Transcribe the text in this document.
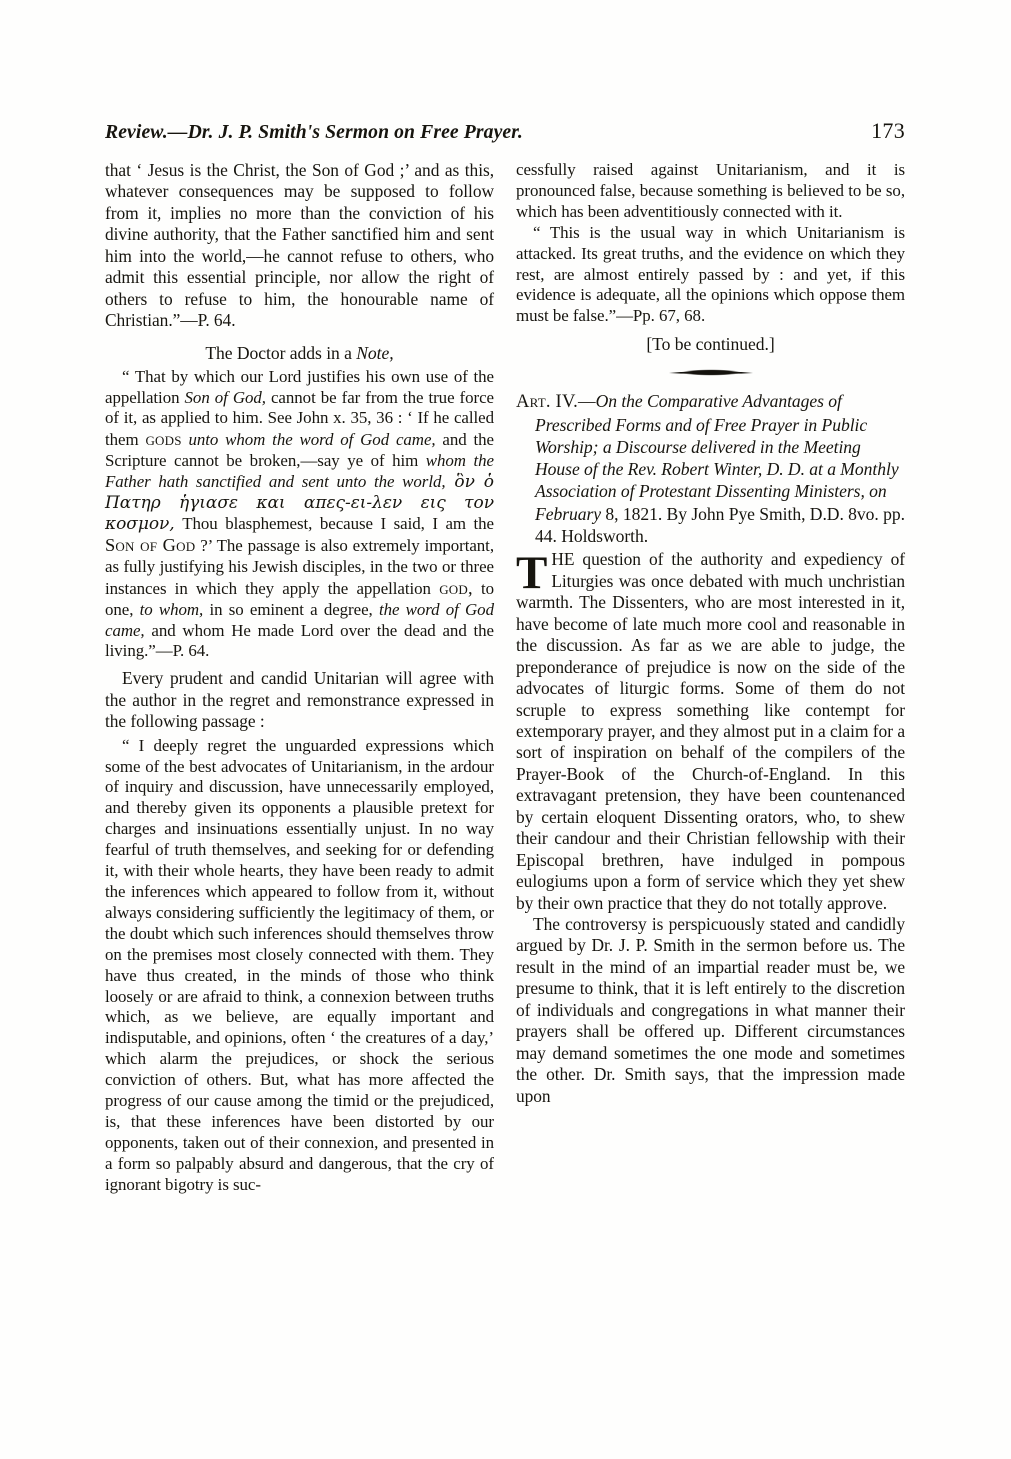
Review.—Dr. J. P. Smith's Sermon on Free Prayer.	173

that ‘ Jesus is the Christ, the Son of God ;’ and as this, whatever consequences may be supposed to follow from it, implies no more than the conviction of his divine authority, that the Father sanctified him and sent him into the world,—he cannot refuse to others, who admit this essential principle, nor allow the right of others to refuse to him, the honourable name of Christian.”—P. 64.

The Doctor adds in a Note,

“ That by which our Lord justifies his own use of the appellation Son of God, cannot be far from the true force of it, as applied to him. See John x. 35, 36 : ‘ If he called them gods unto whom the word of God came, and the Scripture cannot be broken,—say ye of him whom the Father hath sanctified and sent unto the world, ὃν ὁ Πατηρ ἡγιασε και απες-ει-λεν εις τον κοσμον, Thou blasphemest, because I said, I am the Son of God ?’ The passage is also extremely important, as fully justifying his Jewish disciples, in the two or three instances in which they apply the appellation god, to one, to whom, in so eminent a degree, the word of God came, and whom He made Lord over the dead and the living.”—P. 64.

Every prudent and candid Unitarian will agree with the author in the regret and remonstrance expressed in the following passage :

“ I deeply regret the unguarded expressions which some of the best advocates of Unitarianism, in the ardour of inquiry and discussion, have unnecessarily employed, and thereby given its opponents a plausible pretext for charges and insinuations essentially unjust. In no way fearful of truth themselves, and seeking for or defending it, with their whole hearts, they have been ready to admit the inferences which appeared to follow from it, without always considering sufficiently the legitimacy of them, or the doubt which such inferences should themselves throw on the premises most closely connected with them. They have thus created, in the minds of those who think loosely or are afraid to think, a connexion between truths which, as we believe, are equally important and indisputable, and opinions, often ‘ the creatures of a day,’ which alarm the prejudices, or shock the serious conviction of others. But, what has more affected the progress of our cause among the timid or the prejudiced, is, that these inferences have been distorted by our opponents, taken out of their connexion, and presented in a form so palpably absurd and dangerous, that the cry of ignorant bigotry is suc-

cessfully raised against Unitarianism, and it is pronounced false, because something is believed to be so, which has been adventitiously connected with it.

“ This is the usual way in which Unitarianism is attacked. Its great truths, and the evidence on which they rest, are almost entirely passed by : and yet, if this evidence is adequate, all the opinions which oppose them must be false.”—Pp. 67, 68.

[To be continued.]

Art. IV.—On the Comparative Advantages of Prescribed Forms and of Free Prayer in Public Worship; a Discourse delivered in the Meeting House of the Rev. Robert Winter, D. D. at a Monthly Association of Protestant Dissenting Ministers, on February 8, 1821. By John Pye Smith, D.D. 8vo. pp. 44. Holdsworth.

THE question of the authority and expediency of Liturgies was once debated with much unchristian warmth. The Dissenters, who are most interested in it, have become of late much more cool and reasonable in the discussion. As far as we are able to judge, the preponderance of prejudice is now on the side of the advocates of liturgic forms. Some of them do not scruple to express something like contempt for extemporary prayer, and they almost put in a claim for a sort of inspiration on behalf of the compilers of the Prayer-Book of the Church-of-England. In this extravagant pretension, they have been countenanced by certain eloquent Dissenting orators, who, to shew their candour and their Christian fellowship with their Episcopal brethren, have indulged in pompous eulogiums upon a form of service which they yet shew by their own practice that they do not totally approve.

The controversy is perspicuously stated and candidly argued by Dr. J. P. Smith in the sermon before us. The result in the mind of an impartial reader must be, we presume to think, that it is left entirely to the discretion of individuals and congregations in what manner their prayers shall be offered up. Different circumstances may demand sometimes the one mode and sometimes the other. Dr. Smith says, that the impression made upon
